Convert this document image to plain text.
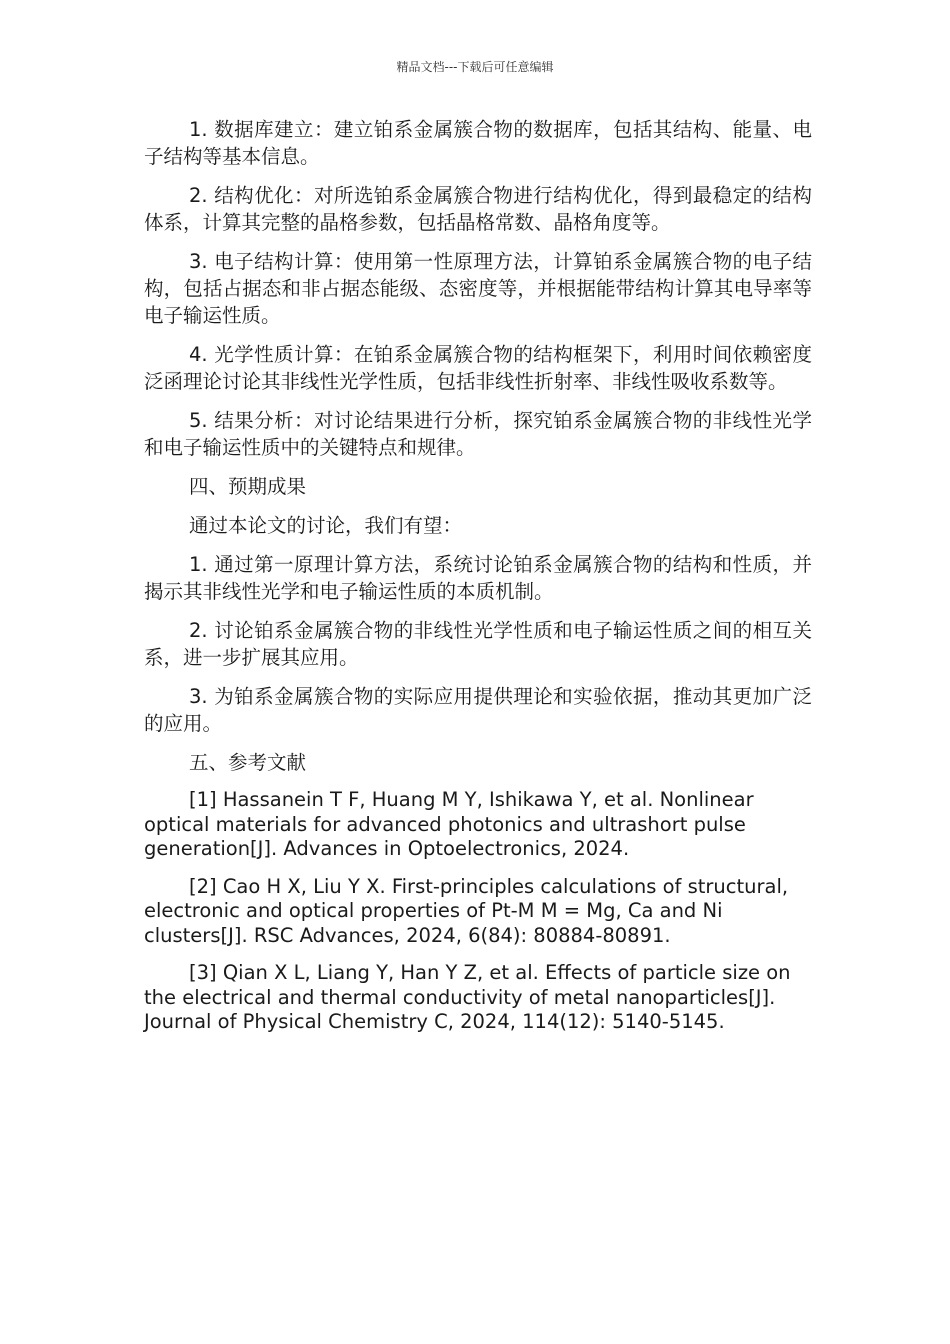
精品文档---下载后可任意编辑

1. 数据库建立：建立铂系金属簇合物的数据库，包括其结构、能量、电子结构等基本信息。

2. 结构优化：对所选铂系金属簇合物进行结构优化，得到最稳定的结构体系，计算其完整的晶格参数，包括晶格常数、晶格角度等。

3. 电子结构计算：使用第一性原理方法，计算铂系金属簇合物的电子结构，包括占据态和非占据态能级、态密度等，并根据能带结构计算其电导率等电子输运性质。

4. 光学性质计算：在铂系金属簇合物的结构框架下，利用时间依赖密度泛函理论讨论其非线性光学性质，包括非线性折射率、非线性吸收系数等。

5. 结果分析：对讨论结果进行分析，探究铂系金属簇合物的非线性光学和电子输运性质中的关键特点和规律。

四、预期成果

通过本论文的讨论，我们有望：

1. 通过第一原理计算方法，系统讨论铂系金属簇合物的结构和性质，并揭示其非线性光学和电子输运性质的本质机制。

2. 讨论铂系金属簇合物的非线性光学性质和电子输运性质之间的相互关系，进一步扩展其应用。

3. 为铂系金属簇合物的实际应用提供理论和实验依据，推动其更加广泛的应用。

五、参考文献

[1] Hassanein T F, Huang M Y, Ishikawa Y, et al. Nonlinear optical materials for advanced photonics and ultrashort pulse generation[J]. Advances in Optoelectronics, 2024.

[2] Cao H X, Liu Y X. First-principles calculations of structural, electronic and optical properties of Pt-M M = Mg, Ca and Ni clusters[J]. RSC Advances, 2024, 6(84): 80884-80891.

[3] Qian X L, Liang Y, Han Y Z, et al. Effects of particle size on the electrical and thermal conductivity of metal nanoparticles[J]. Journal of Physical Chemistry C, 2024, 114(12): 5140-5145.
